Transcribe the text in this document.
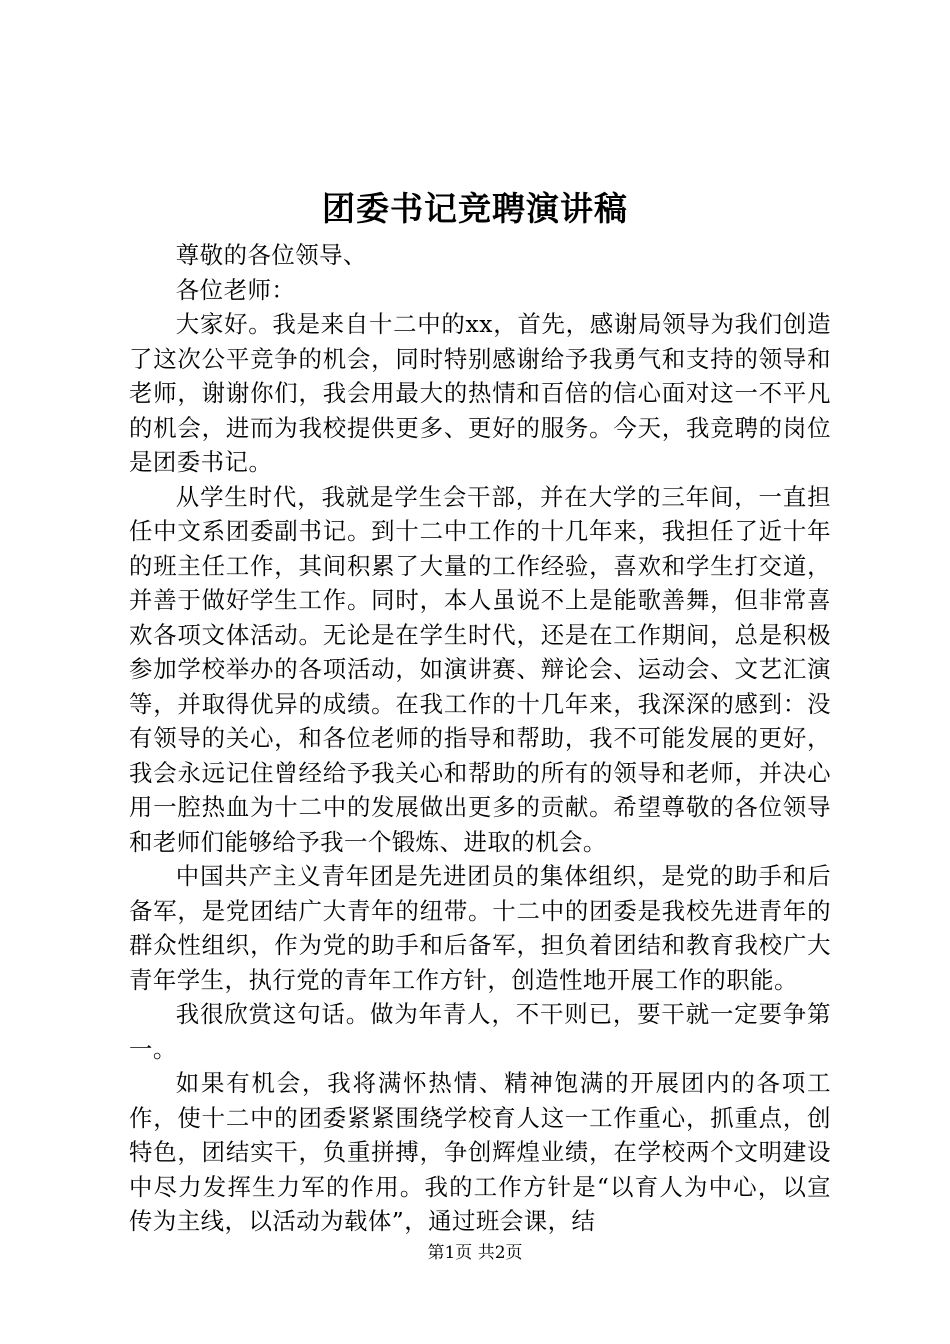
团委书记竞聘演讲稿

尊敬的各位领导、

各位老师：

大家好。我是来自十二中的xx，首先，感谢局领导为我们创造了这次公平竞争的机会，同时特别感谢给予我勇气和支持的领导和老师，谢谢你们，我会用最大的热情和百倍的信心面对这一不平凡的机会，进而为我校提供更多、更好的服务。今天，我竞聘的岗位是团委书记。

从学生时代，我就是学生会干部，并在大学的三年间，一直担任中文系团委副书记。到十二中工作的十几年来，我担任了近十年的班主任工作，其间积累了大量的工作经验，喜欢和学生打交道，并善于做好学生工作。同时，本人虽说不上是能歌善舞，但非常喜欢各项文体活动。无论是在学生时代，还是在工作期间，总是积极参加学校举办的各项活动，如演讲赛、辩论会、运动会、文艺汇演等，并取得优异的成绩。在我工作的十几年来，我深深的感到：没有领导的关心，和各位老师的指导和帮助，我不可能发展的更好，我会永远记住曾经给予我关心和帮助的所有的领导和老师，并决心用一腔热血为十二中的发展做出更多的贡献。希望尊敬的各位领导和老师们能够给予我一个锻炼、进取的机会。

中国共产主义青年团是先进团员的集体组织，是党的助手和后备军，是党团结广大青年的纽带。十二中的团委是我校先进青年的群众性组织，作为党的助手和后备军，担负着团结和教育我校广大青年学生，执行党的青年工作方针，创造性地开展工作的职能。

我很欣赏这句话。做为年青人，不干则已，要干就一定要争第一。

如果有机会，我将满怀热情、精神饱满的开展团内的各项工作，使十二中的团委紧紧围绕学校育人这一工作重心，抓重点，创特色，团结实干，负重拼搏，争创辉煌业绩，在学校两个文明建设中尽力发挥生力军的作用。我的工作方针是“以育人为中心，以宣传为主线，以活动为载体”，通过班会课，结

第1页 共2页
